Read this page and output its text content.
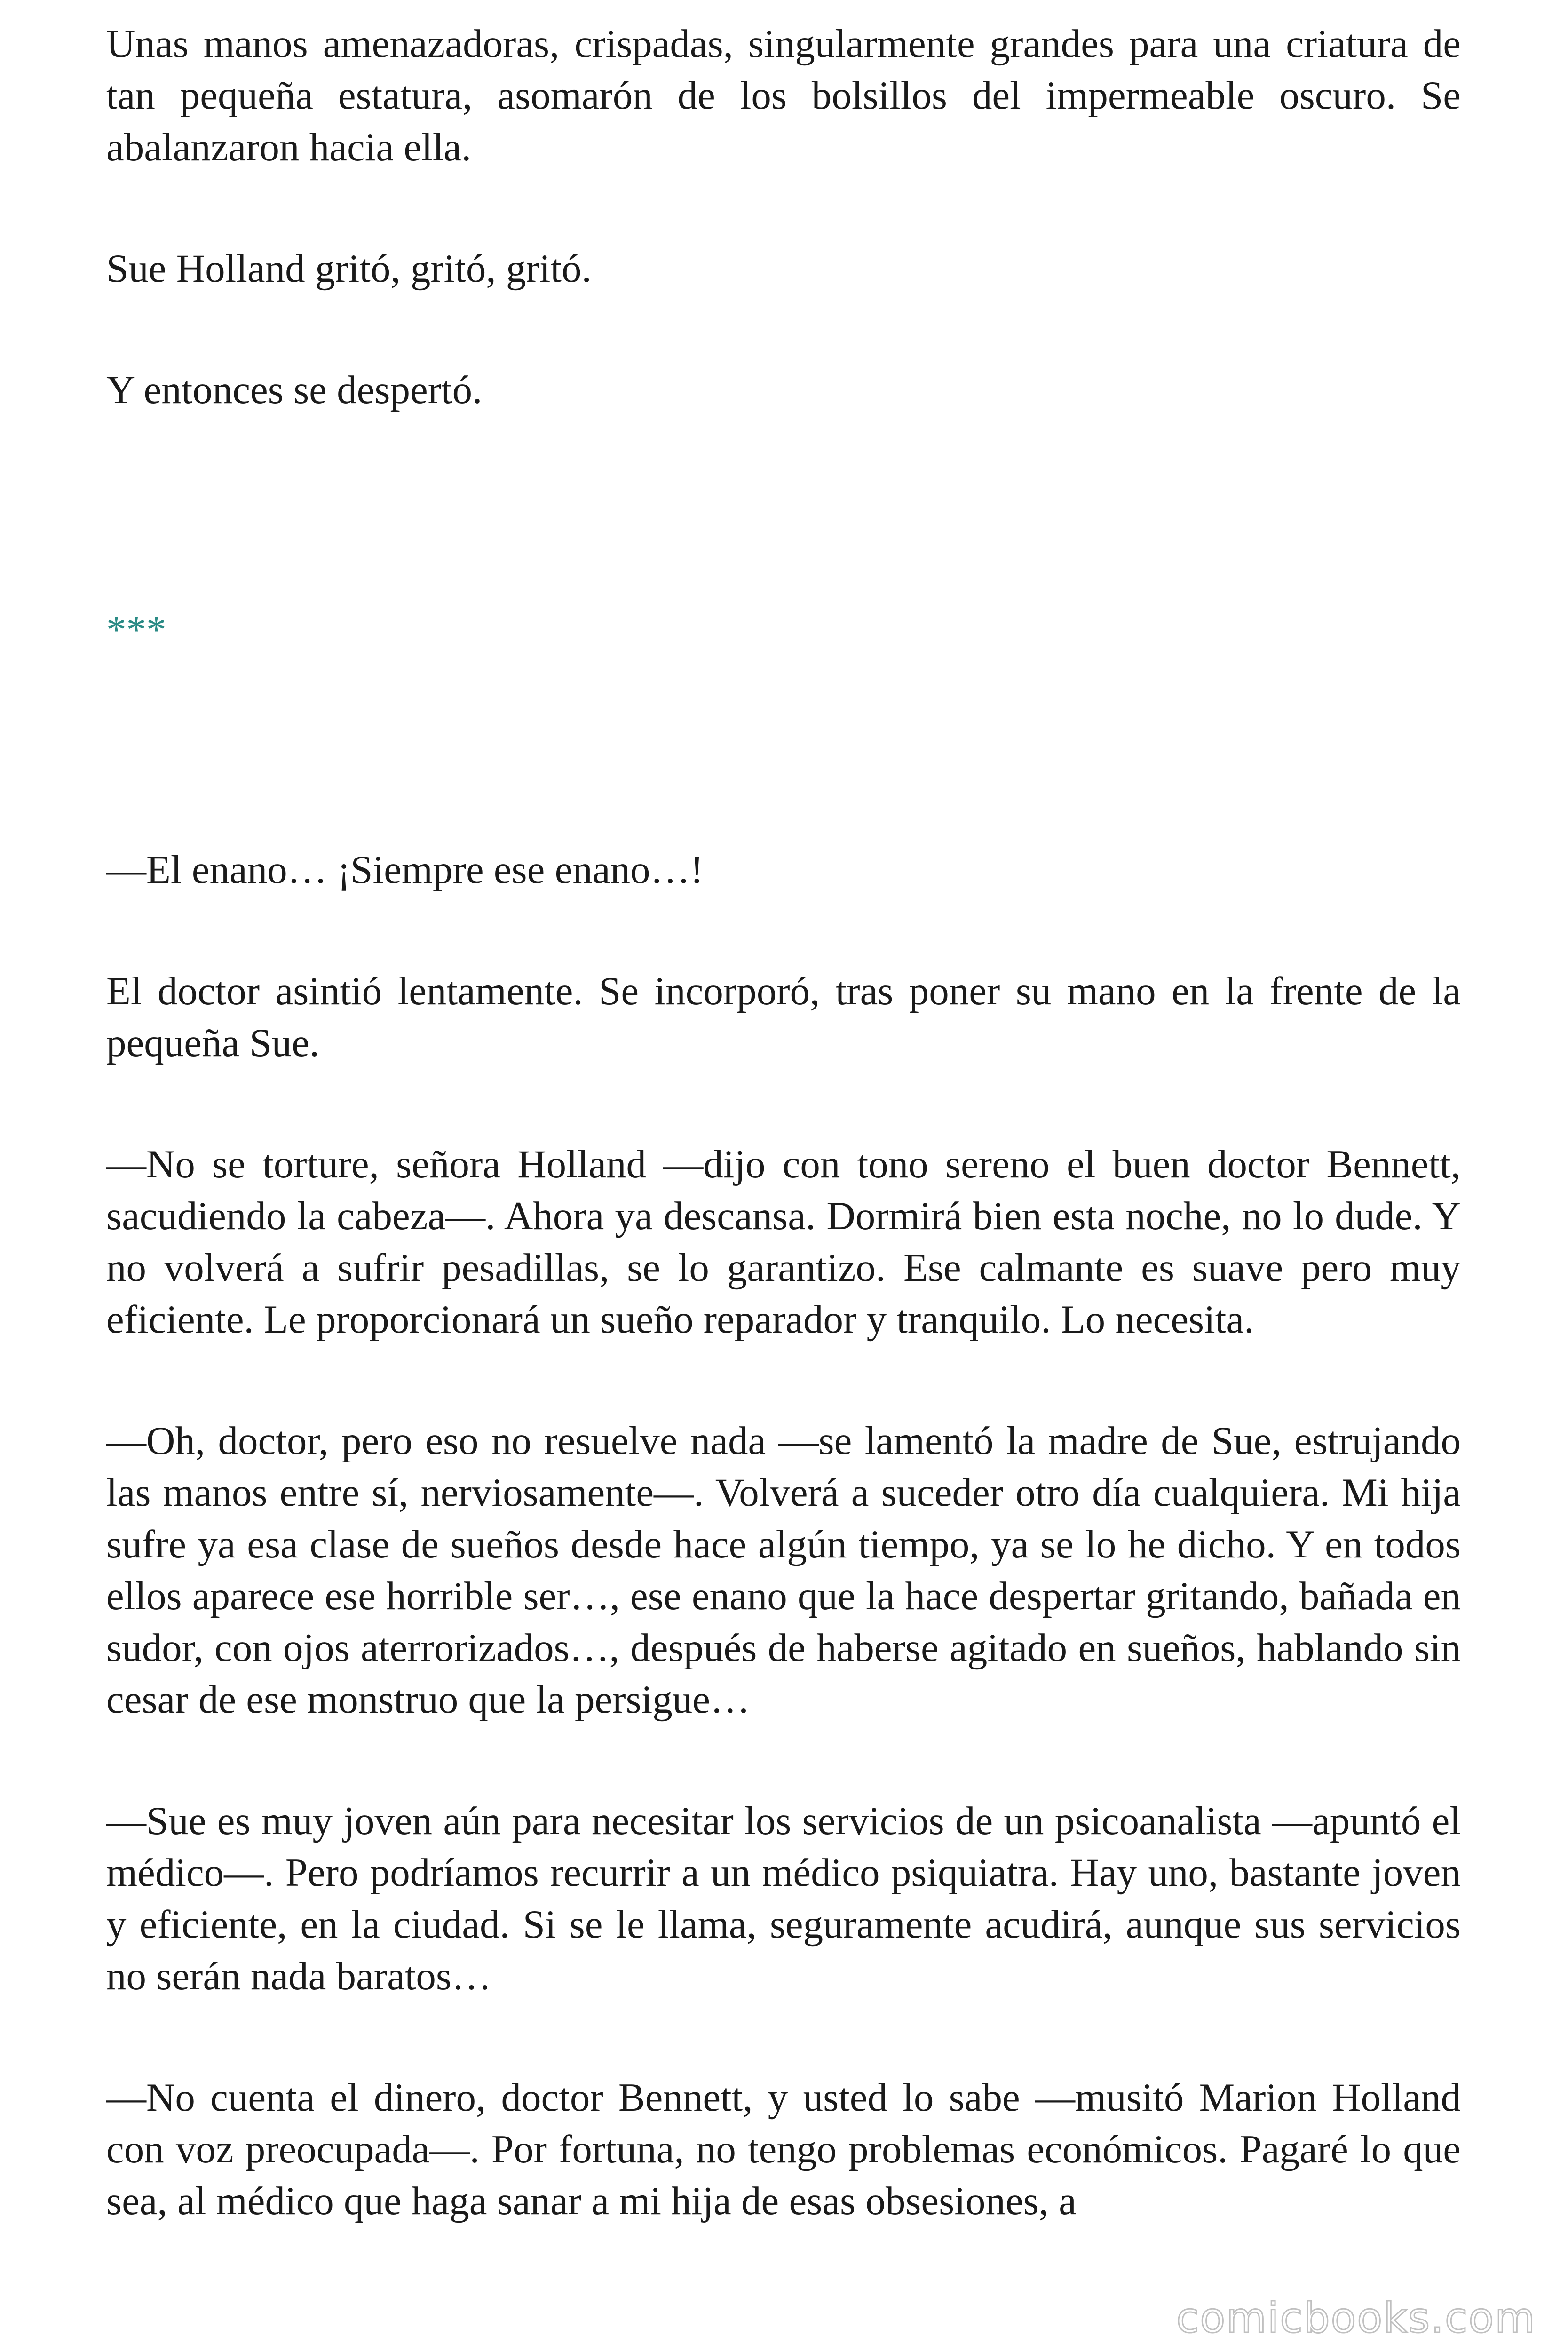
Unas manos amenazadoras, crispadas, singularmente grandes para una criatura de tan pequeña estatura, asomarón de los bolsillos del impermeable oscuro. Se abalanzaron hacia ella.

Sue Holland gritó, gritó, gritó.

Y entonces se despertó.

***

—El enano… ¡Siempre ese enano…!

El doctor asintió lentamente. Se incorporó, tras poner su mano en la frente de la pequeña Sue.

—No se torture, señora Holland —dijo con tono sereno el buen doctor Bennett, sacudiendo la cabeza—. Ahora ya descansa. Dormirá bien esta noche, no lo dude. Y no volverá a sufrir pesadillas, se lo garantizo. Ese calmante es suave pero muy eficiente. Le proporcionará un sueño reparador y tranquilo. Lo necesita.

—Oh, doctor, pero eso no resuelve nada —se lamentó la madre de Sue, estrujando las manos entre sí, nerviosamente—. Volverá a suceder otro día cualquiera. Mi hija sufre ya esa clase de sueños desde hace algún tiempo, ya se lo he dicho. Y en todos ellos aparece ese horrible ser…, ese enano que la hace despertar gritando, bañada en sudor, con ojos aterrorizados…, después de haberse agitado en sueños, hablando sin cesar de ese monstruo que la persigue…

—Sue es muy joven aún para necesitar los servicios de un psicoanalista —apuntó el médico—. Pero podríamos recurrir a un médico psiquiatra. Hay uno, bastante joven y eficiente, en la ciudad. Si se le llama, seguramente acudirá, aunque sus servicios no serán nada baratos…

—No cuenta el dinero, doctor Bennett, y usted lo sabe —musitó Marion Holland con voz preocupada—. Por fortuna, no tengo problemas económicos. Pagaré lo que sea, al médico que haga sanar a mi hija de esas obsesiones, a

comicbooks.com
